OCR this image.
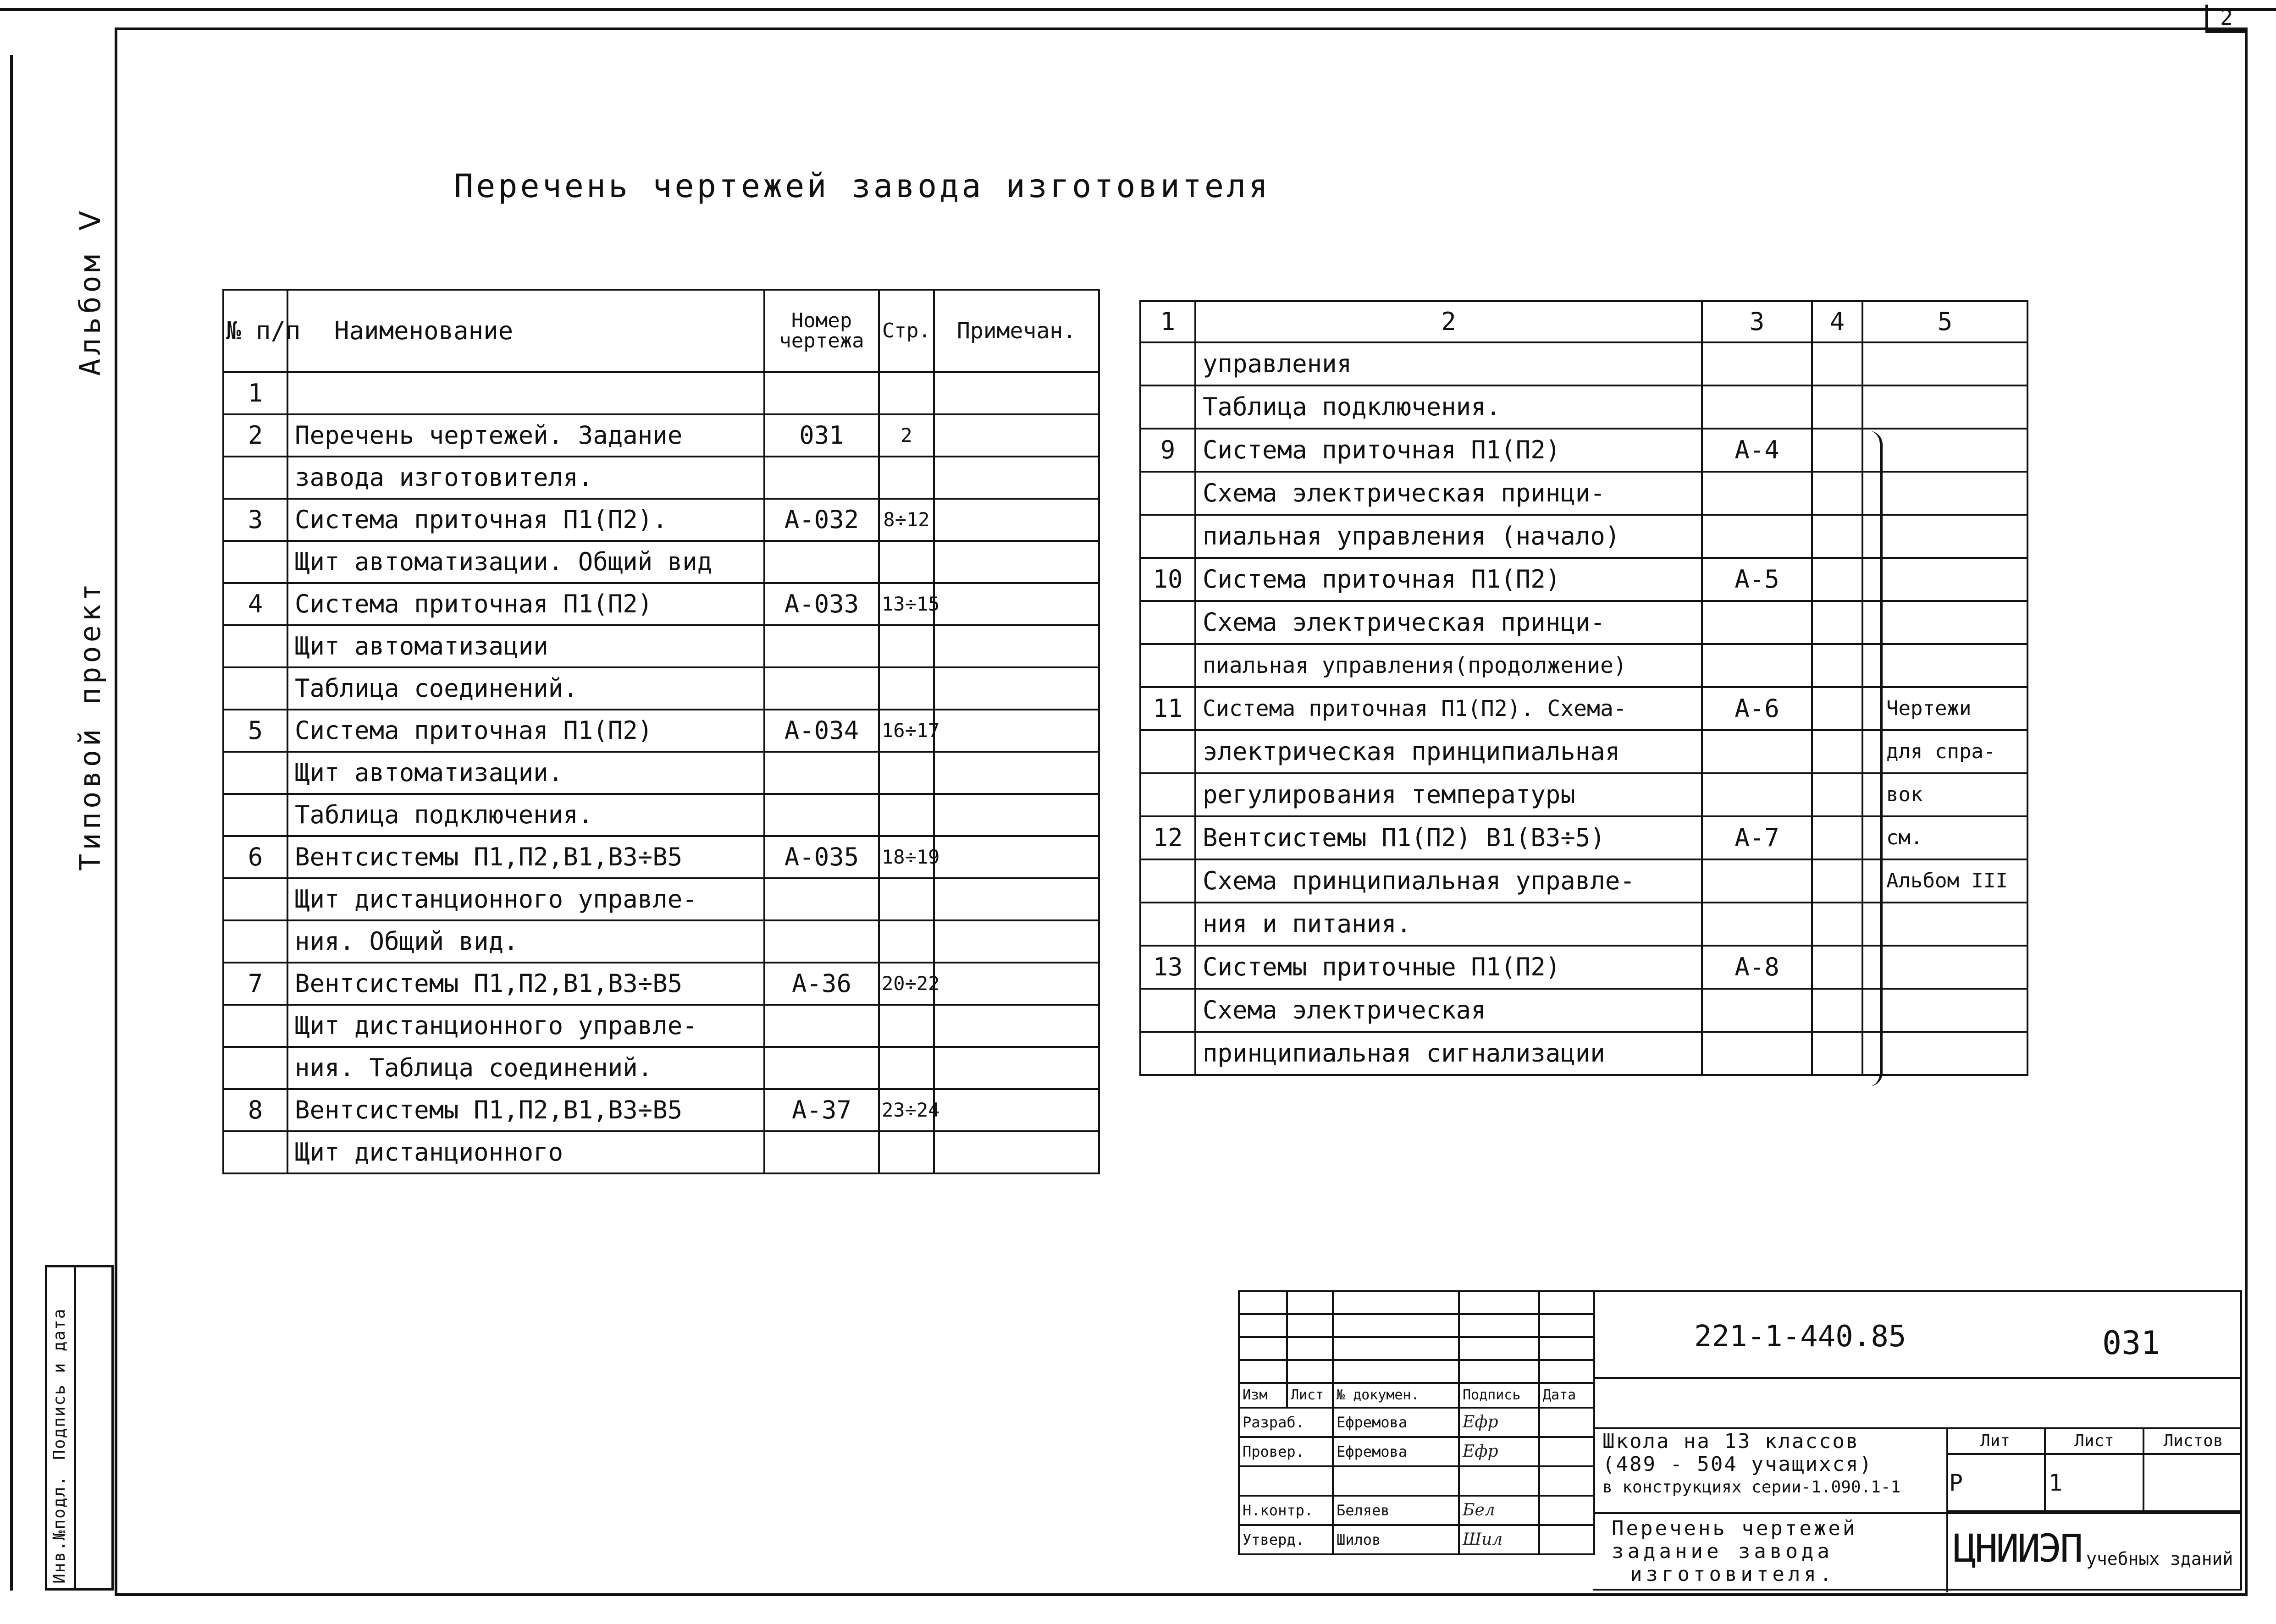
2
Альбом Ⅴ
Типовой проект
Инв.№подл.
Подпись и дата
Перечень чертежей завода изготовителя
№ п/п	Наименование	Номер чертежа	Стр.	Примечан.
1				
2	Перечень чертежей. Задание	031	2	
	завода изготовителя.			
3	Система приточная П1(П2).	А-032	8÷12	
	Щит автоматизации. Общий вид			
4	Система приточная П1(П2)	А-033	13÷15	
	Щит автоматизации			
	Таблица соединений.			
5	Система приточная П1(П2)	А-034	16÷17	
	Щит автоматизации.			
	Таблица подключения.			
6	Вентсистемы П1,П2,В1,В3÷В5	А-035	18÷19	
	Щит дистанционного управле-			
	ния. Общий вид.			
7	Вентсистемы П1,П2,В1,В3÷В5	А-36	20÷22	
	Щит дистанционного управле-			
	ния. Таблица соединений.			
8	Вентсистемы П1,П2,В1,В3÷В5	А-37	23÷24	
	Щит дистанционного			
1	2	3	4	5
	управления			
	Таблица подключения.			
9	Система приточная П1(П2)	А-4		
	Схема электрическая принци-			
	пиальная управления (начало)			
10	Система приточная П1(П2)	А-5		
	Схема электрическая принци-			
	пиальная управления(продолжение)			
11	Система приточная П1(П2). Схема-	А-6		Чертежи
	электрическая принципиальная			для спра-
	регулирования температуры			вок
12	Вентсистемы П1(П2) В1(В3÷5)	А-7		см.
	Схема принципиальная управле-			Альбом III
	ния и питания.			
13	Системы приточные П1(П2)	А-8		
	Схема электрическая			
	принципиальная сигнализации			

Изм	Лист	№ докумен.	Подпись	Дата
Разраб.		Ефремова	Ефр	
Провер.		Ефремова	Ефр	

Н.контр.		Беляев	Бел	
Утверд.		Шилов	Шил	
221-1-440.85	031
Школа на 13 классов
(489 - 504 учащихся)
в конструкциях серии-1.090.1-1
Перечень чертежей
задание завода
изготовителя.
Лит	Лист	Листов
Р	1	
ЦНИИЭП учебных зданий
